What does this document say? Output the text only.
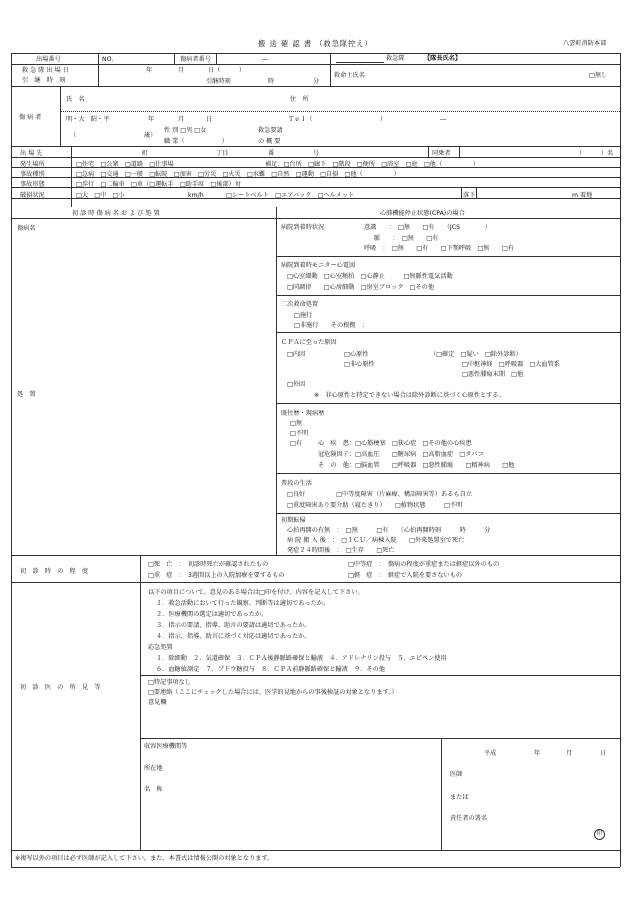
搬 送 確 認 書 （救急隊控え）	八雲町消防本部
出場番号	NO.	傷病者番号	―	救急隊	【隊長氏名】
救 急 隊 出 場 日
引　継　時　刻
年	月	日（　　　）
引継時刻	時	分
救命士氏名	□無し
傷 病 者
氏　名	住　所
明・大　昭・平	年	月	日	Ｔｅｌ（	）	―
（	歳）
性 別 □男 □女
職 業（　　　　　　）
救急要請
の 概 要
出 場 先	町	丁目	番	号	同乗者	（　　　）名
発生場所	□住宅　□公衆　□道路　□仕事場	補足：□台所　□廊下　□階段　□便所　□浴室　□庭　□他（　　　　　）
事故種別	□急病　□交通　□一般　□転院　□加害　□労災　□火災　□水難　□自然　□運動　□自損　□他（　　　　　）
事故形態	□歩行　□二輪車　□車（□運転手　□助手席　□後部）対
破損状況	□大　□中　□小	km/h	□シートベルト　□エアバック　□ヘルメット	落下	m 着地
初 診 時 傷 病 名 お よ び 処 置	心肺機能停止状態(CPA)の場合
傷病名
処　置
病院到着時状況	意識　　：　□無　　□有　　（JCS　　　　）
脈　　：　□無　　□有
呼吸　：　□無　　□有　　□下顎呼吸　□無　　□有
病院到着時モニター心電図
□心室細動　□心室頻拍　□心静止　　　□無脈性電気活動
□同調律　　□心房細動　□房室ブロック　□その他
二次救命処置
□施行
□非施行　　その根拠　：
ＣＰＡに至った原因
□内因	□心原性	（□確定　□疑い　□除外診断）
□非心原性	□中枢神経　□呼吸器　□大血管系
□悪性腫瘍末期　□他
□外因
※　非心原性と特定できない場合は除外診断に基づく心原性とする。
既往歴・現病歴
□無
□不明
□有	心　疾　患：□心筋梗塞　□狭心症　□その他の心疾患
冠危険因子：□高血圧　　□糖尿病　□高脂血症　□タバコ
そ　の　他：□脳血管　　□呼吸器　□悪性腫瘍　　□精神病　　□他
普段の生活
□良好　　　　　□中等度障害（片麻痺、構語障害等）あるも自立
□重度障害あり要介助（寝たきり）　　□植物状態　　　□不明
初期転帰
心拍再開の有無　：　□無　　　□有　　（心拍再開時刻　　　時　　　分
病 院 搬 入 後　：　□ＩＣＵ／病棟入院　　□外来処置室で死亡
発症２４時間後　：　□生存　　□死亡
初　診　時　の　程　度
□死　亡　：　初診時死亡が確認されたもの	□中等症　：　傷病の程度が重症または軽症以外のもの
□重　症　：　3週間以上の入院加療を要するもの	□軽　症　：　軽症で入院を要さないもの
初　診　医　の　所　見　等
以下の項目について、意見のある場合は□印を付け、内容を記入して下さい。
１．救急活動において行った観察、判断等は適切であったか。
２．医療機関の選定は適切であったか。
３．指示の要請、指導、助言の要請は適切であったか。
４．指示、指導、助言に基づく対応は適切であったか。
応急処置
１．除細動　２．気道確保　３．ＣＰＡ後静脈路確保と輸液　４．アドレナリン投与　５．エピペン使用
６．血糖値測定　７．ブドウ糖投与　８．ＣＰＡ前静脈路確保と輸液　９．その他
□特記事項なし
□要連絡（ここにチェックした場合には、医学的見地からの事後検証の対象となります。）
意見欄
収容医療機関等
所在地
名　称
平成	年	月	日
医師
または
責任者の署名
印
※複写以外の項目は必ず医師が記入して下さい。また、本書式は情報公開の対象となります。
